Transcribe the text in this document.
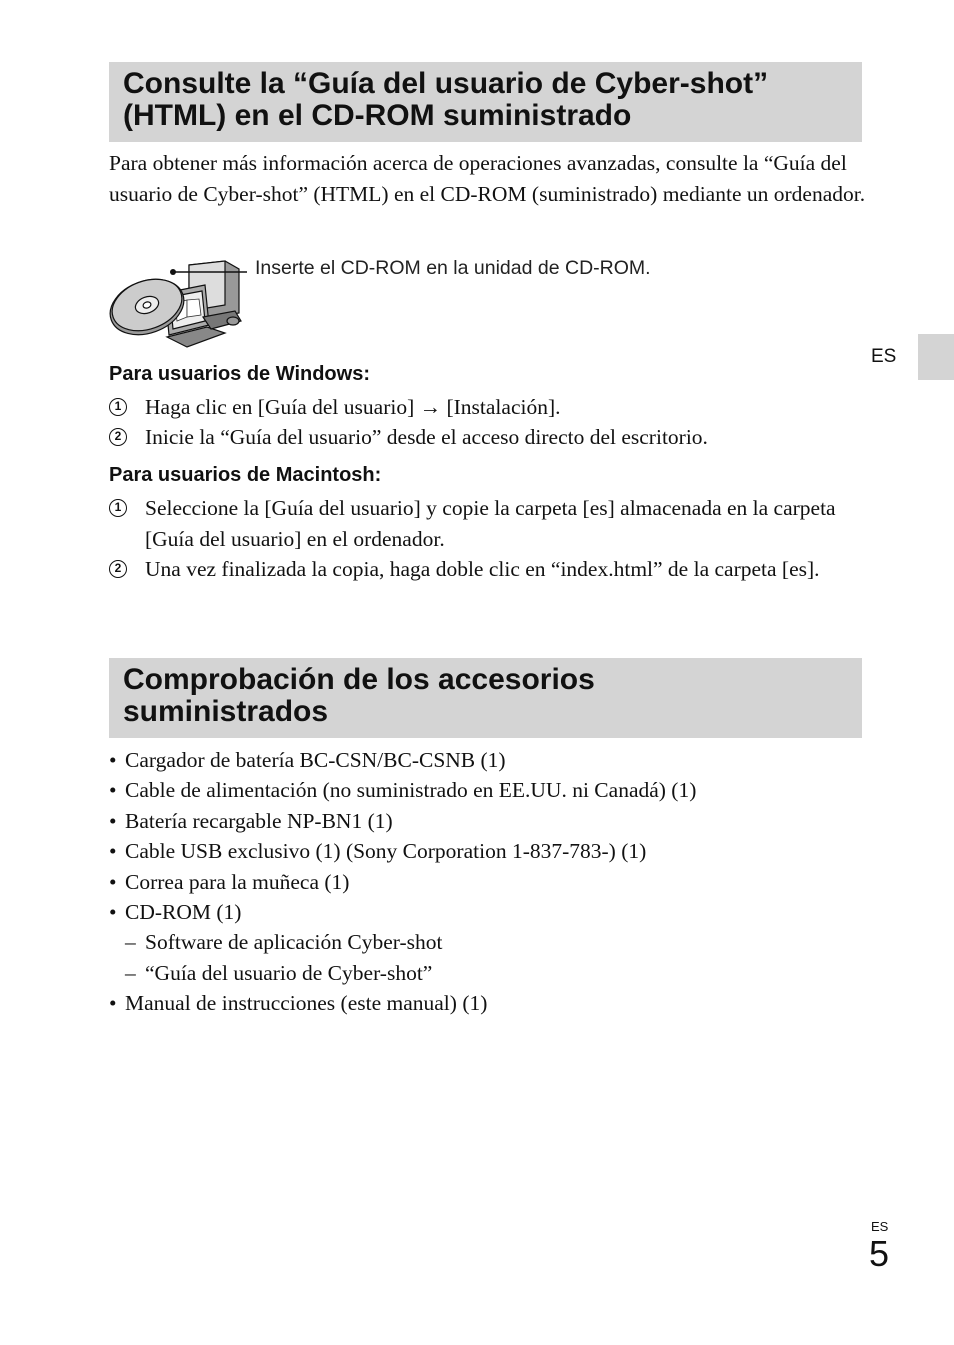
Consulte la “Guía del usuario de Cyber-shot”
(HTML) en el CD-ROM suministrado

Para obtener más información acerca de operaciones avanzadas, consulte la “Guía del usuario de Cyber-shot” (HTML) en el CD-ROM (suministrado) mediante un ordenador.

Inserte el CD-ROM en la unidad de CD-ROM.
Para usuarios de Windows:
1 Haga clic en [Guía del usuario] → [Instalación].
2 Inicie la “Guía del usuario” desde el acceso directo del escritorio.
Para usuarios de Macintosh:
1 Seleccione la [Guía del usuario] y copie la carpeta [es] almacenada en la carpeta [Guía del usuario] en el ordenador.
2 Una vez finalizada la copia, haga doble clic en “index.html” de la carpeta [es].
Comprobación de los accesorios
suministrados
• Cargador de batería BC-CSN/BC-CSNB (1)
• Cable de alimentación (no suministrado en EE.UU. ni Canadá) (1)
• Batería recargable NP-BN1 (1)
• Cable USB exclusivo (1) (Sony Corporation 1-837-783-) (1)
• Correa para la muñeca (1)
• CD-ROM (1)
– Software de aplicación Cyber-shot
– “Guía del usuario de Cyber-shot”
• Manual de instrucciones (este manual) (1)
ES
ES
5
